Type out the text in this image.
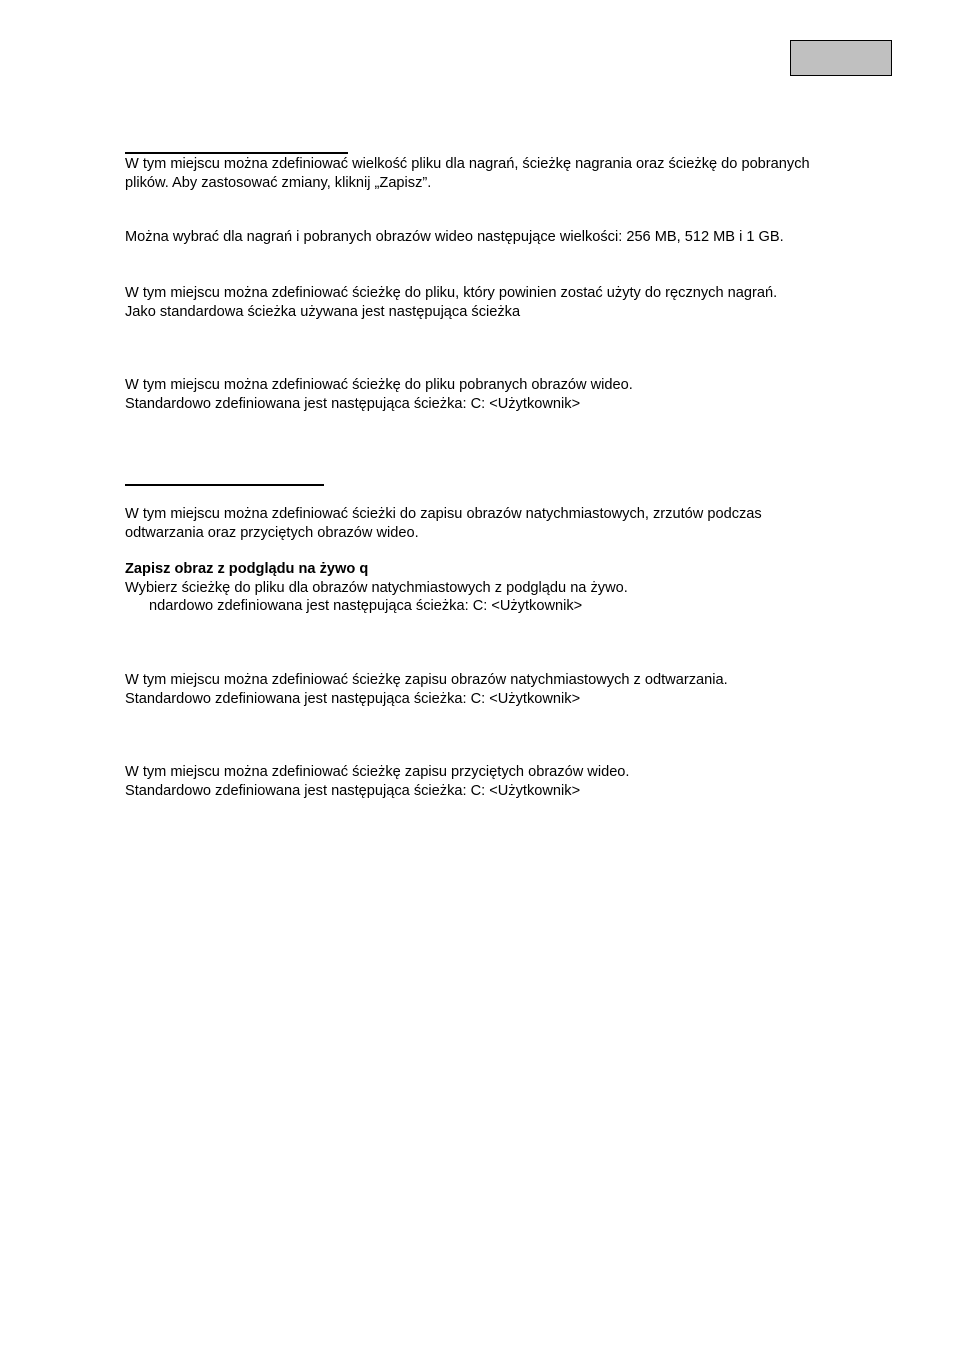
W tym miejscu można zdefiniować wielkość pliku dla nagrań, ścieżkę nagrania oraz ścieżkę do pobranych
plików. Aby zastosować zmiany, kliknij „Zapisz”.
Można wybrać dla nagrań i pobranych obrazów wideo następujące wielkości: 256 MB, 512 MB i 1 GB.
W tym miejscu można zdefiniować ścieżkę do pliku, który powinien zostać użyty do ręcznych nagrań.
Jako standardowa ścieżka używana jest następująca ścieżka
W tym miejscu można zdefiniować ścieżkę do pliku pobranych obrazów wideo.
Standardowo zdefiniowana jest następująca ścieżka: C: <Użytkownik>
W tym miejscu można zdefiniować ścieżki do zapisu obrazów natychmiastowych, zrzutów podczas
odtwarzania oraz przyciętych obrazów wideo.
Zapisz obraz z podglądu na żywo q
Wybierz ścieżkę do pliku dla obrazów natychmiastowych z podglądu na żywo.
ndardowo zdefiniowana jest następująca ścieżka: C: <Użytkownik>
W tym miejscu można zdefiniować ścieżkę zapisu obrazów natychmiastowych z odtwarzania.
Standardowo zdefiniowana jest następująca ścieżka: C: <Użytkownik>
W tym miejscu można zdefiniować ścieżkę zapisu przyciętych obrazów wideo.
Standardowo zdefiniowana jest następująca ścieżka: C: <Użytkownik>
